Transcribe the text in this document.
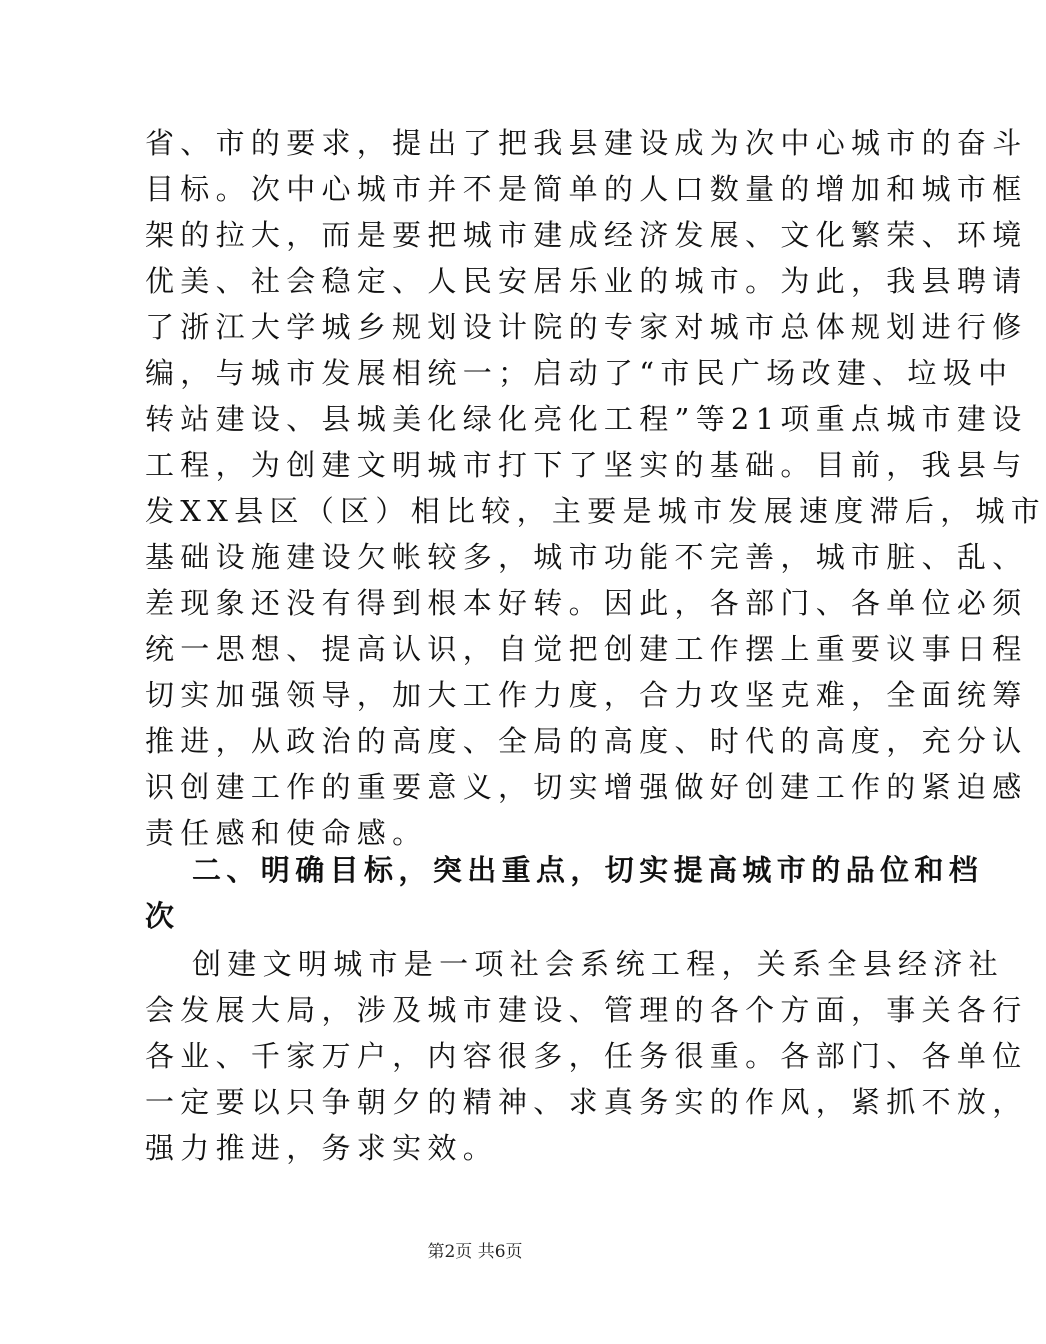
省、市的要求，提出了把我县建设成为次中心城市的奋斗
目标。次中心城市并不是简单的人口数量的增加和城市框
架的拉大，而是要把城市建成经济发展、文化繁荣、环境
优美、社会稳定、人民安居乐业的城市。为此，我县聘请
了浙江大学城乡规划设计院的专家对城市总体规划进行修
编，与城市发展相统一；启动了“市民广场改建、垃圾中
转站建设、县城美化绿化亮化工程”等21项重点城市建设
工程，为创建文明城市打下了坚实的基础。目前，我县与
发XX县区（区）相比较，主要是城市发展速度滞后，城市
基础设施建设欠帐较多，城市功能不完善，城市脏、乱、
差现象还没有得到根本好转。因此，各部门、各单位必须
统一思想、提高认识，自觉把创建工作摆上重要议事日程
切实加强领导，加大工作力度，合力攻坚克难，全面统筹
推进，从政治的高度、全局的高度、时代的高度，充分认
识创建工作的重要意义，切实增强做好创建工作的紧迫感
责任感和使命感。
二、明确目标，突出重点，切实提高城市的品位和档
次
创建文明城市是一项社会系统工程，关系全县经济社
会发展大局，涉及城市建设、管理的各个方面，事关各行
各业、千家万户，内容很多，任务很重。各部门、各单位
一定要以只争朝夕的精神、求真务实的作风，紧抓不放，
强力推进，务求实效。
第2页 共6页
